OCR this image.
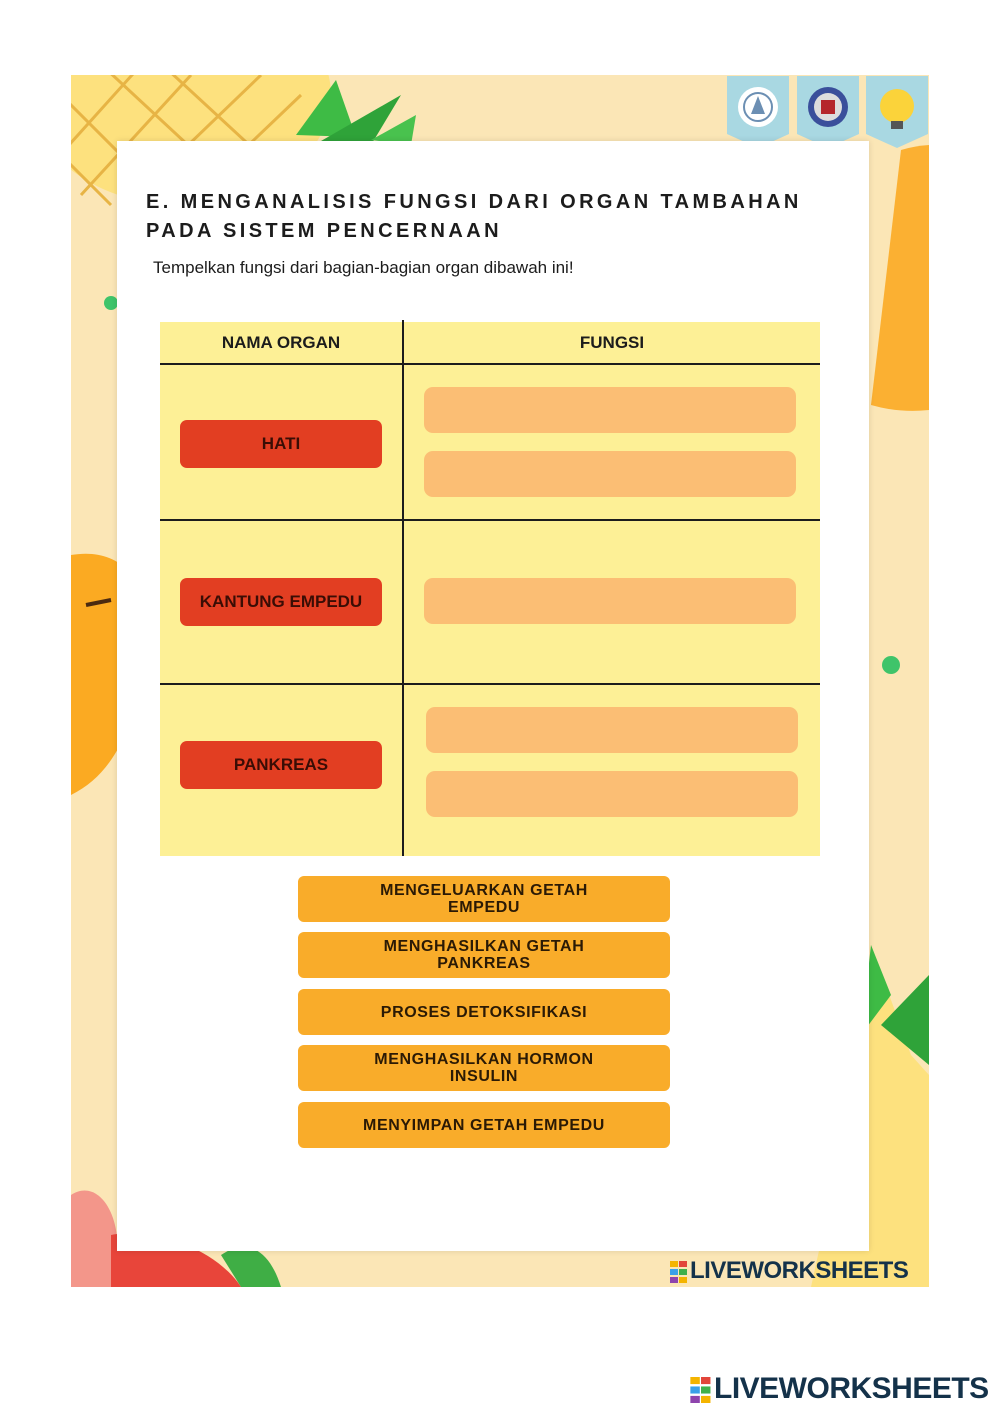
E. MENGANALISIS FUNGSI DARI ORGAN TAMBAHAN PADA SISTEM PENCERNAAN
Tempelkan fungsi dari bagian-bagian organ dibawah ini!
NAMA ORGAN	FUNGSI
HATI
KANTUNG EMPEDU
PANKREAS
MENGELUARKAN GETAH EMPEDU
MENGHASILKAN GETAH PANKREAS
PROSES DETOKSIFIKASI
MENGHASILKAN HORMON INSULIN
MENYIMPAN GETAH EMPEDU
LIVEWORKSHEETS
LIVEWORKSHEETS
